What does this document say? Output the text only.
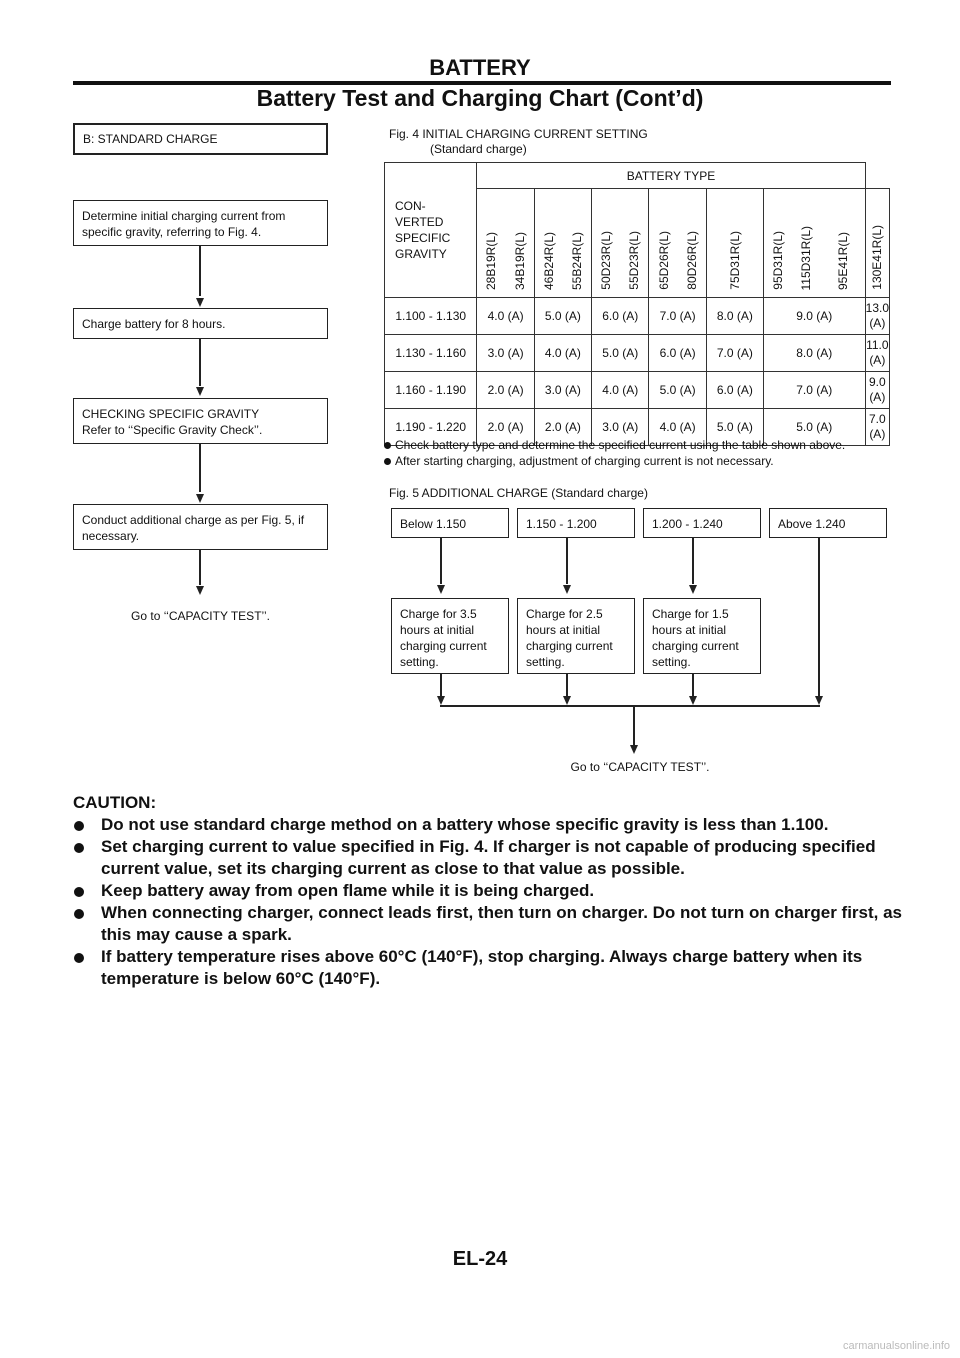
BATTERY
Battery Test and Charging Chart (Cont’d)
B: STANDARD CHARGE
Determine initial charging current from specific gravity, referring to Fig. 4.
Charge battery for 8 hours.
CHECKING SPECIFIC GRAVITY
Refer to ‘‘Specific Gravity Check’’.
Conduct additional charge as per Fig. 5, if necessary.
Go to ‘‘CAPACITY TEST’’.
Fig. 4 INITIAL CHARGING CURRENT SETTING
(Standard charge)
CON-
VERTED
SPECIFIC
GRAVITY	BATTERY TYPE												
	28B19R(L)	34B19R(L)	46B24R(L)	55B24R(L)	50D23R(L)	55D23R(L)	65D26R(L)	80D26R(L)	75D31R(L)	95D31R(L)	115D31R(L)	95E41R(L)	130E41R(L)
1.100 - 1.130	4.0 (A)		5.0 (A)		6.0 (A)		7.0 (A)		8.0 (A)	9.0 (A)			13.0 (A)
1.130 - 1.160	3.0 (A)		4.0 (A)		5.0 (A)		6.0 (A)		7.0 (A)	8.0 (A)			11.0 (A)
1.160 - 1.190	2.0 (A)		3.0 (A)		4.0 (A)		5.0 (A)		6.0 (A)	7.0 (A)			9.0 (A)
1.190 - 1.220	2.0 (A)		2.0 (A)		3.0 (A)		4.0 (A)		5.0 (A)	5.0 (A)			7.0 (A)
Check battery type and determine the specified current using the table shown above.
After starting charging, adjustment of charging current is not necessary.
Fig. 5 ADDITIONAL CHARGE (Standard charge)
Below 1.150	1.150 - 1.200	1.200 - 1.240	Above 1.240
Charge for 3.5 hours at initial charging current setting.
Charge for 2.5 hours at initial charging current setting.
Charge for 1.5 hours at initial charging current setting.
Go to ‘‘CAPACITY TEST’’.
CAUTION:
Do not use standard charge method on a battery whose specific gravity is less than 1.100.
Set charging current to value specified in Fig. 4. If charger is not capable of producing specified current value, set its charging current as close to that value as possible.
Keep battery away from open flame while it is being charged.
When connecting charger, connect leads first, then turn on charger. Do not turn on charger first, as this may cause a spark.
If battery temperature rises above 60°C (140°F), stop charging. Always charge battery when its temperature is below 60°C (140°F).
EL-24
carmanualsonline.info
